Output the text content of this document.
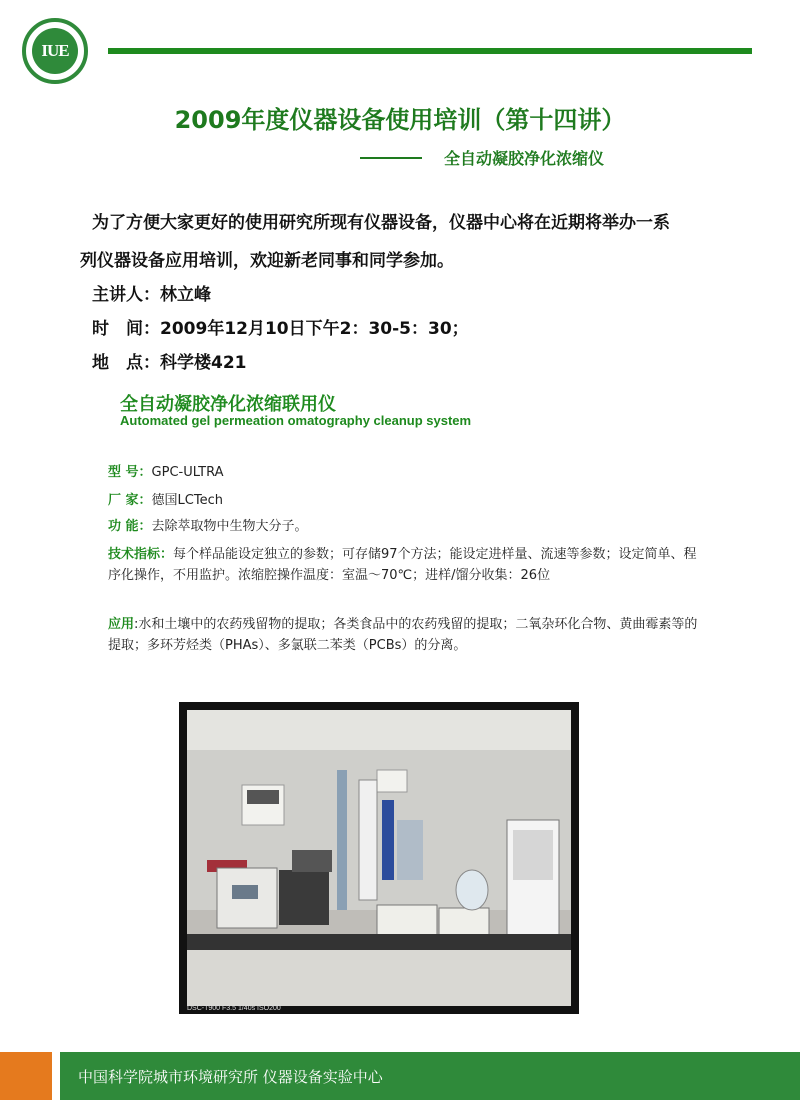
IUE
2009年度仪器设备使用培训（第十四讲）
全自动凝胶净化浓缩仪

为了方便大家更好的使用研究所现有仪器设备，仪器中心将在近期将举办一系

列仪器设备应用培训，欢迎新老同事和同学参加。

主讲人：林立峰
时　间：2009年12月10日下午2：30-5：30；
地　点：科学楼421
全自动凝胶净化浓缩联用仪
Automated gel permeation omatography cleanup system
型 号：GPC-ULTRA
厂 家：德国LCTech
功 能：去除萃取物中生物大分子。
技术指标：每个样品能设定独立的参数；可存储97个方法；能设定进样量、流速等参数；设定简单、程序化操作，不用监护。浓缩腔操作温度：室温～70℃；进样/馏分收集：26位
应用:水和土壤中的农药残留物的提取；各类食品中的农药残留的提取；二氧杂环化合物、黄曲霉素等的提取；多环芳烃类（PHAs）、多氯联二苯类（PCBs）的分离。
DSC-T900 F3.5 1/40s ISO200
中国科学院城市环境研究所 仪器设备实验中心
